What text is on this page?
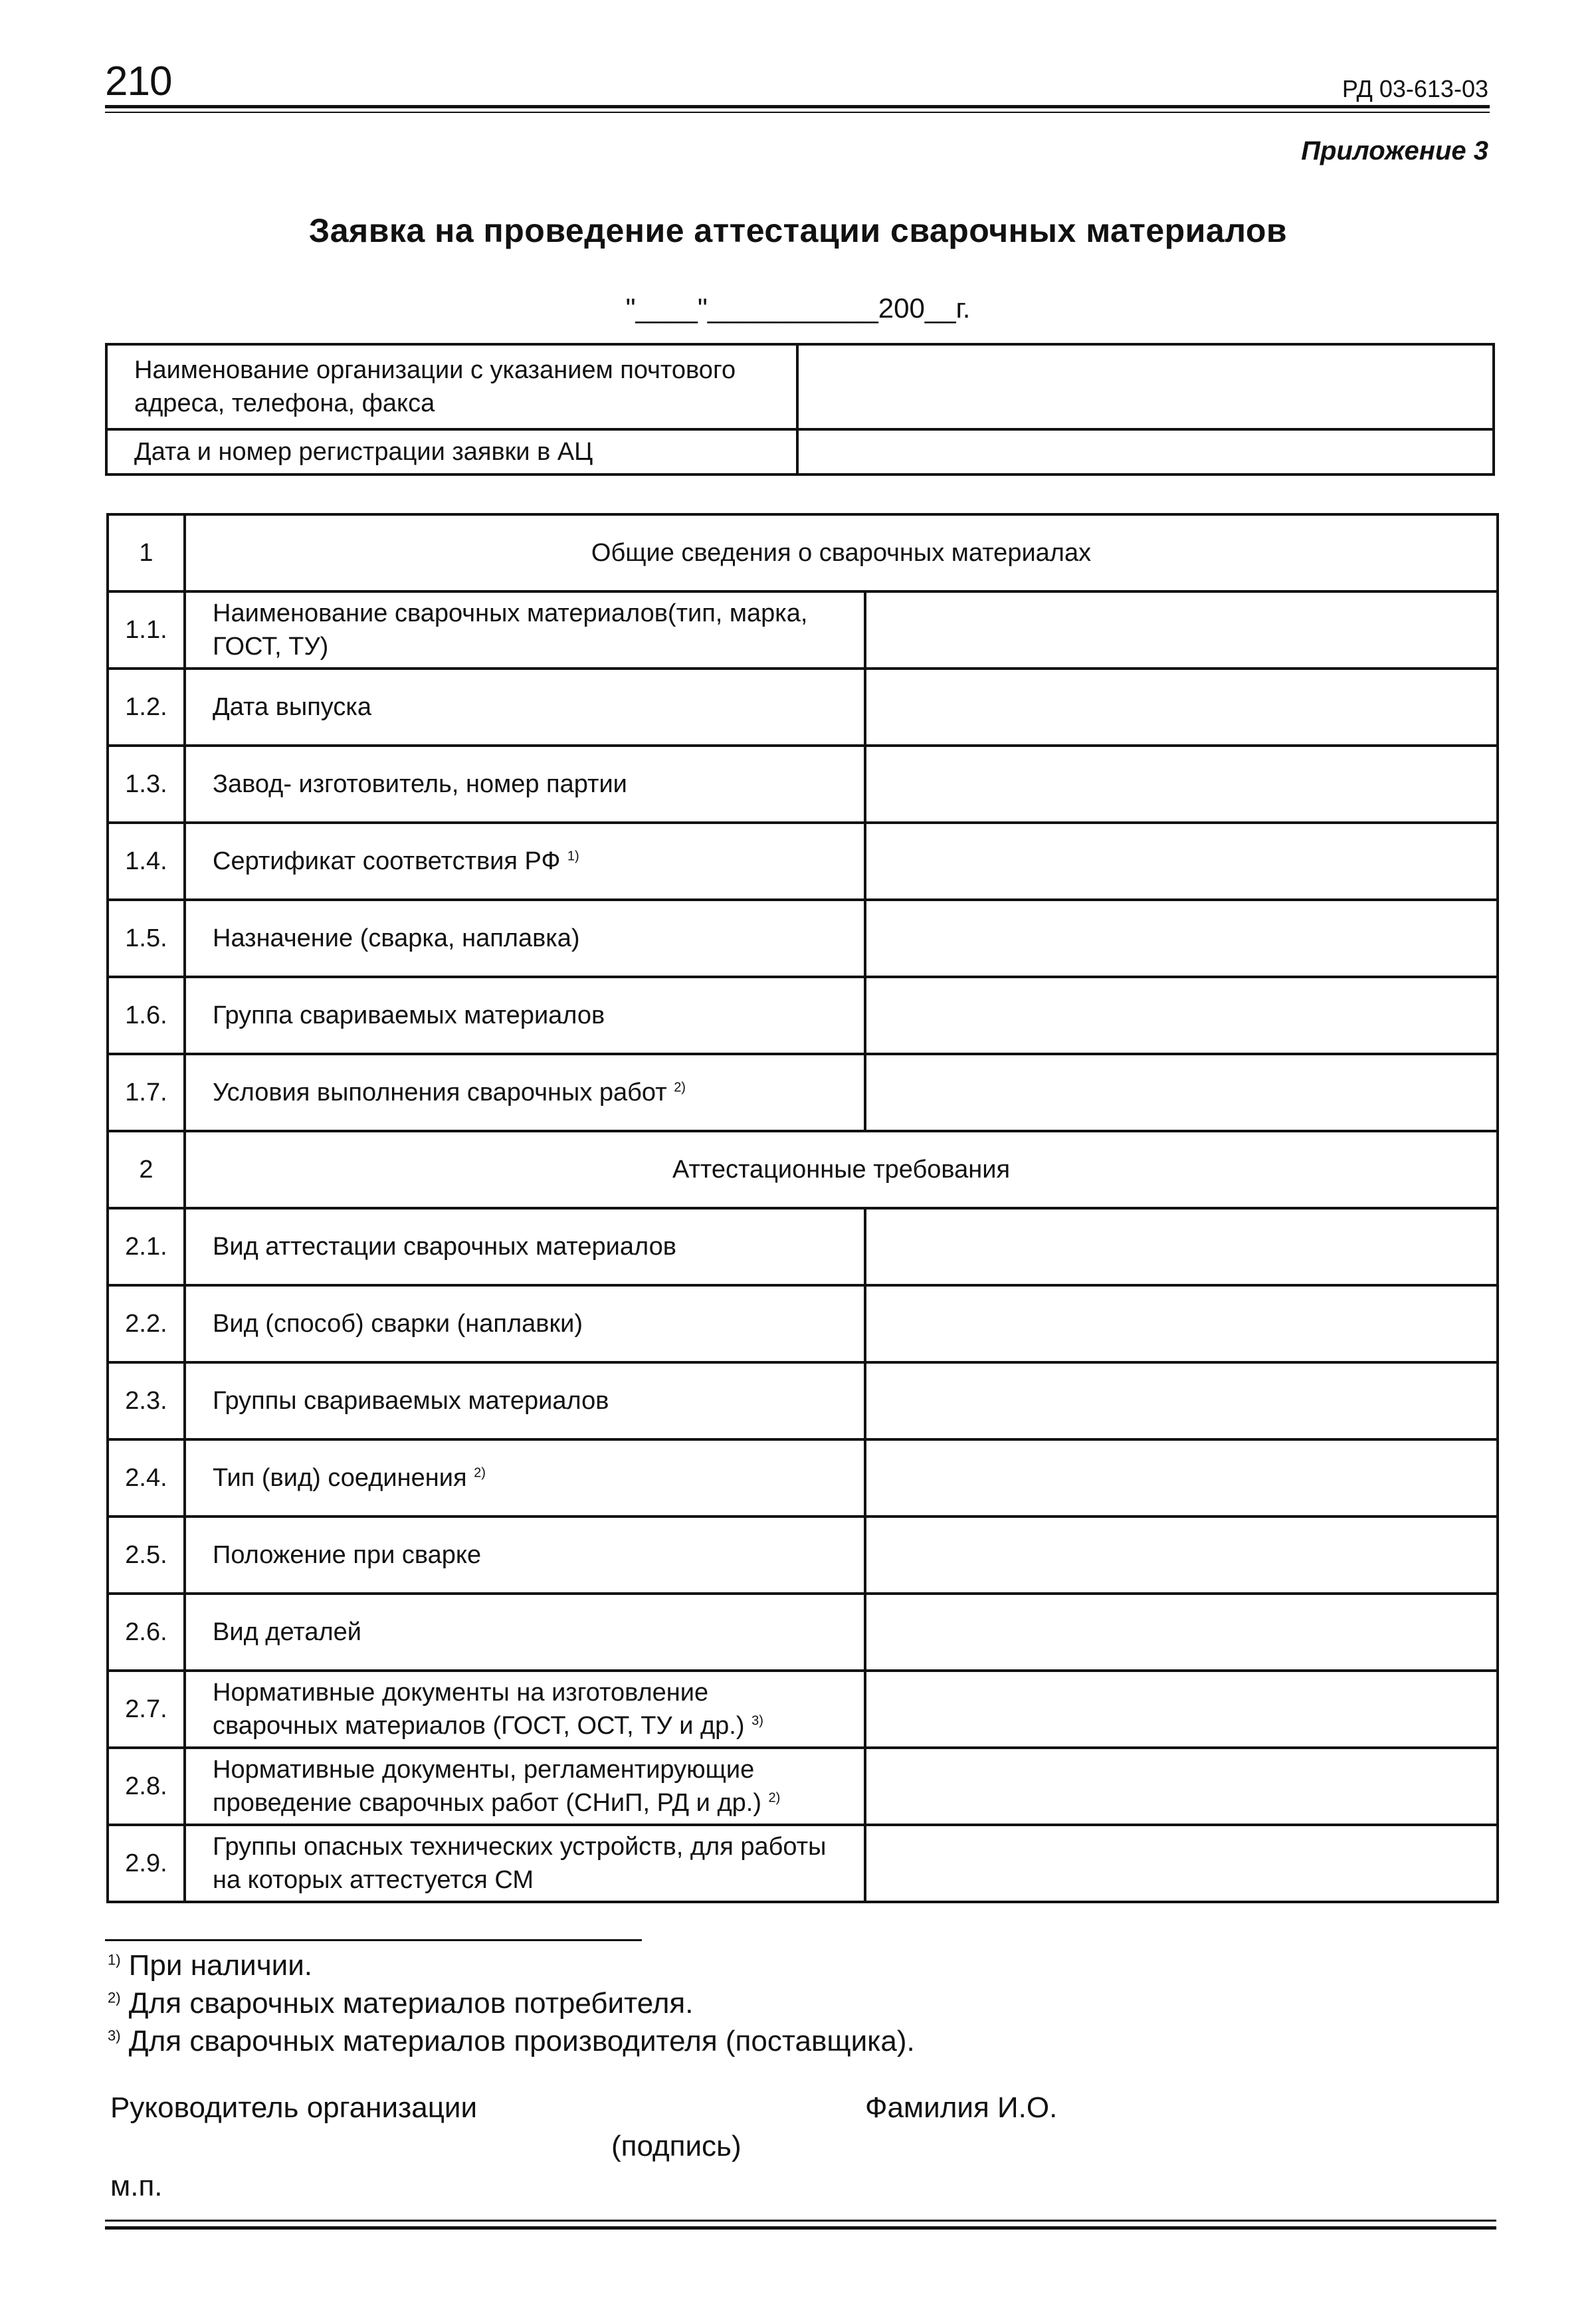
210	РД 03-613-03
Приложение 3
Заявка на проведение аттестации сварочных материалов
"____"___________200__г.
Наименование организации с указанием почтового адреса, телефона, факса	
Дата и номер регистрации заявки в АЦ	
1	Общие сведения о сварочных материалах	
1.1.	Наименование сварочных материалов(тип, марка, ГОСТ, ТУ)	
1.2.	Дата выпуска	
1.3.	Завод- изготовитель, номер партии	
1.4.	Сертификат соответствия РФ $^{1)}$	
1.5.	Назначение (сварка, наплавка)	
1.6.	Группа свариваемых материалов	
1.7.	Условия выполнения сварочных работ $^{2)}$	
2	Аттестационные требования	
2.1.	Вид аттестации сварочных материалов	
2.2.	Вид (способ) сварки (наплавки)	
2.3.	Группы свариваемых материалов	
2.4.	Тип (вид) соединения $^{2)}$	
2.5.	Положение при сварке	
2.6.	Вид деталей	
2.7.	Нормативные документы на изготовление сварочных материалов (ГОСТ, ОСТ, ТУ и др.) $^{3)}$	
2.8.	Нормативные документы, регламентирующие проведение сварочных работ (СНиП, РД и др.) $^{2)}$	
2.9.	Группы опасных технических устройств, для работы на которых аттестуется СМ	
$^{1)}$ При наличии.
$^{2)}$ Для сварочных материалов потребителя.
$^{3)}$ Для сварочных материалов производителя (поставщика).
Руководитель организации	Фамилия И.О.
(подпись)
м.п.
